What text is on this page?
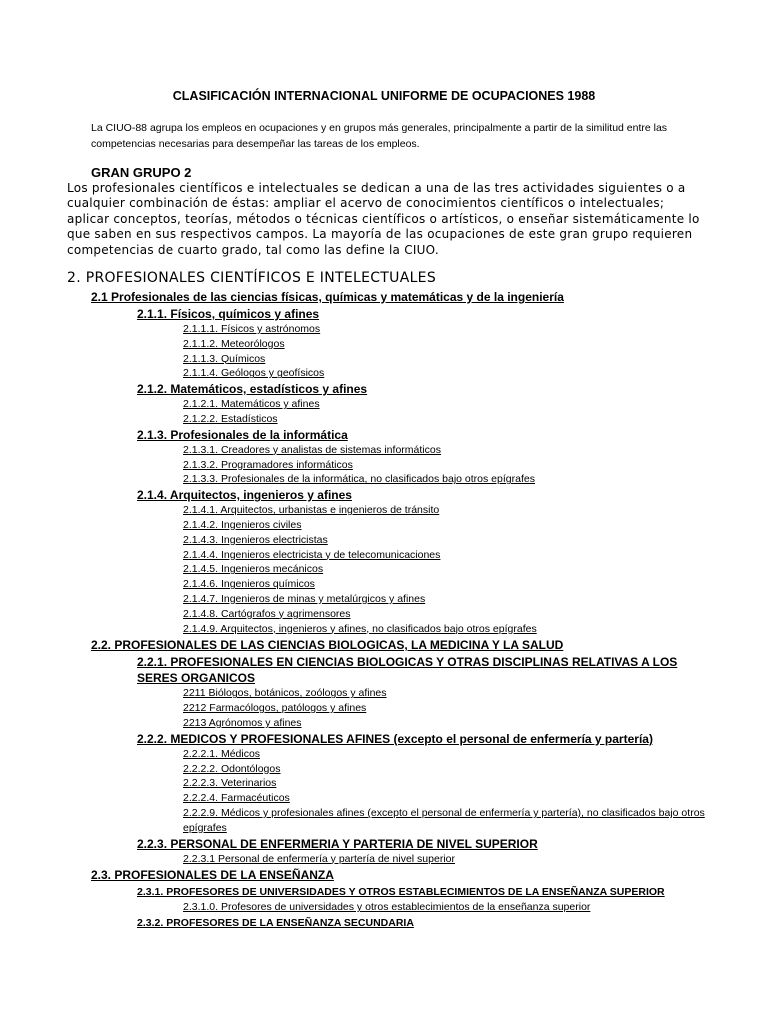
CLASIFICACIÓN INTERNACIONAL UNIFORME DE OCUPACIONES 1988
La CIUO-88 agrupa los empleos en ocupaciones y en grupos más generales, principalmente a partir de la similitud entre las competencias necesarias para desempeñar las tareas de los empleos.
GRAN GRUPO 2
Los profesionales científicos e intelectuales se dedican a una de las tres actividades siguientes o a cualquier combinación de éstas: ampliar el acervo de conocimientos científicos o intelectuales; aplicar conceptos, teorías, métodos o técnicas científicos o artísticos, o enseñar sistemáticamente lo que saben en sus respectivos campos. La mayoría de las ocupaciones de este gran grupo requieren competencias de cuarto grado, tal como las define la CIUO.
2. PROFESIONALES CIENTÍFICOS E INTELECTUALES
2.1 Profesionales de las ciencias físicas, químicas y matemáticas y de la ingeniería
2.1.1. Físicos, químicos y afines
2.1.1.1. Físicos y astrónomos
2.1.1.2. Meteorólogos
2.1.1.3. Químicos
2.1.1.4. Geólogos y geofísicos
2.1.2. Matemáticos, estadísticos y afines
2.1.2.1. Matemáticos y afines
2.1.2.2. Estadísticos
2.1.3. Profesionales de la informática
2.1.3.1. Creadores y analistas de sistemas informáticos
2.1.3.2. Programadores informáticos
2.1.3.3. Profesionales de la informática, no clasificados bajo otros epígrafes
2.1.4. Arquitectos, ingenieros y afines
2.1.4.1. Arquitectos, urbanistas e ingenieros de tránsito
2.1.4.2. Ingenieros civiles
2.1.4.3. Ingenieros electricistas
2.1.4.4. Ingenieros electricista y de telecomunicaciones
2.1.4.5. Ingenieros mecánicos
2.1.4.6. Ingenieros químicos
2.1.4.7. Ingenieros de minas y metalúrgicos y afines
2.1.4.8. Cartógrafos y agrimensores
2.1.4.9. Arquitectos, ingenieros y afines, no clasificados bajo otros epígrafes
2.2. PROFESIONALES DE LAS CIENCIAS BIOLOGICAS, LA MEDICINA Y LA SALUD
2.2.1. PROFESIONALES EN CIENCIAS BIOLOGICAS Y OTRAS DISCIPLINAS RELATIVAS A LOS SERES ORGANICOS
2211 Biólogos, botánicos, zoólogos y afines
2212 Farmacólogos, patólogos y afines
2213 Agrónomos y afines
2.2.2. MEDICOS Y PROFESIONALES AFINES (excepto el personal de enfermería y partería)
2.2.2.1. Médicos
2.2.2.2. Odontólogos
2.2.2.3. Veterinarios
2.2.2.4. Farmacéuticos
2.2.2.9. Médicos y profesionales afines (excepto el personal de enfermería y partería), no clasificados bajo otros epígrafes
2.2.3. PERSONAL DE ENFERMERIA Y PARTERIA DE NIVEL SUPERIOR
2.2.3.1 Personal de enfermería y partería de nivel superior
2.3. PROFESIONALES DE LA ENSEÑANZA
2.3.1. PROFESORES DE UNIVERSIDADES Y OTROS ESTABLECIMIENTOS DE LA ENSEÑANZA SUPERIOR
2.3.1.0. Profesores de universidades y otros establecimientos de la enseñanza superior
2.3.2. PROFESORES DE LA ENSEÑANZA SECUNDARIA
